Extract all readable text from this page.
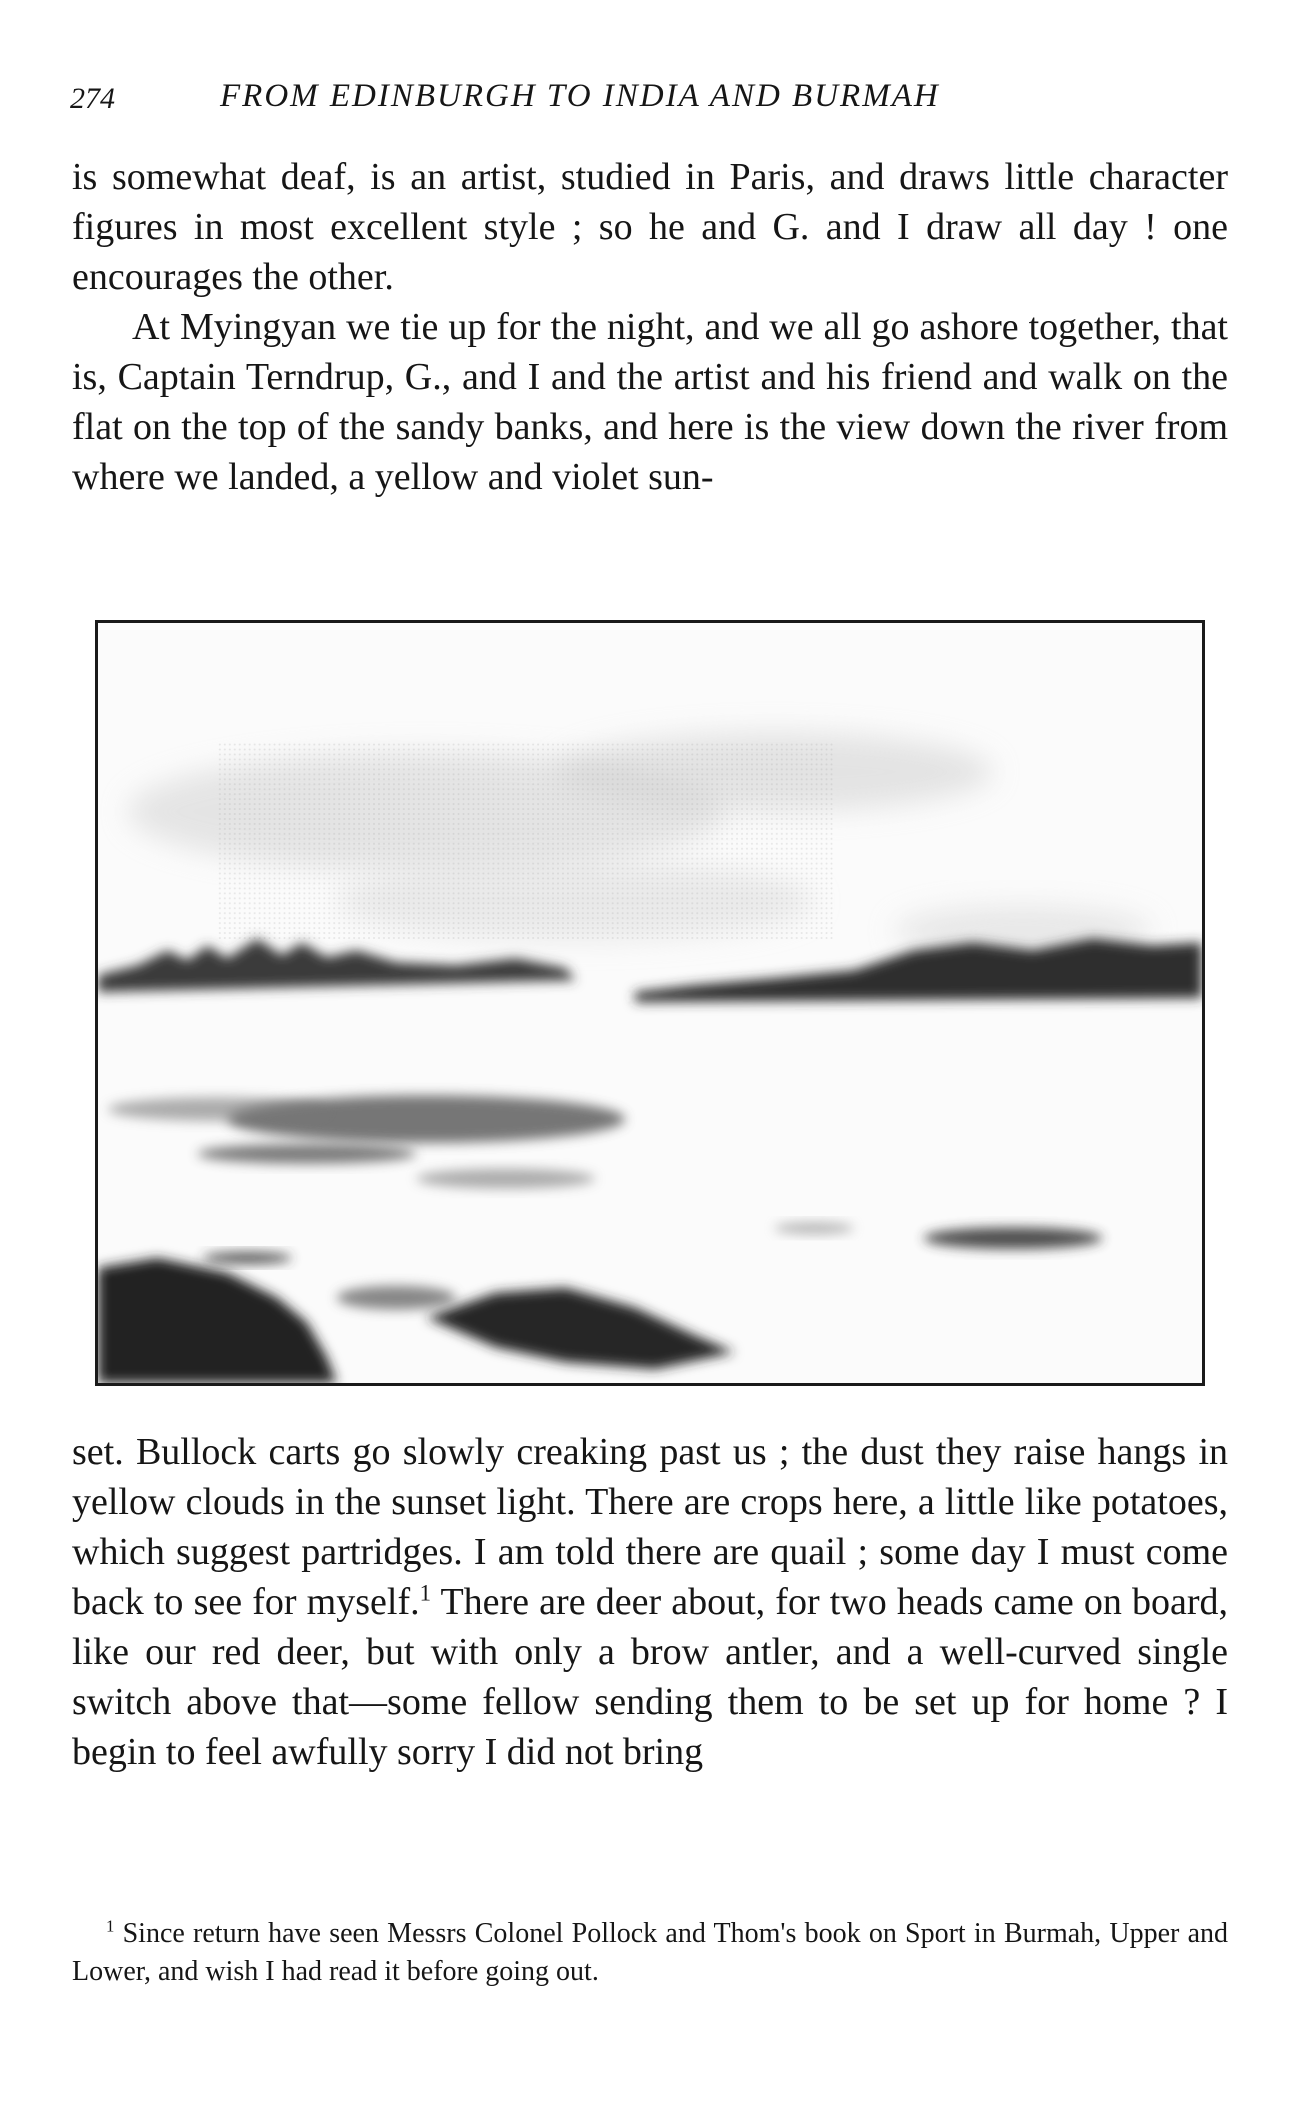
274	FROM EDINBURGH TO INDIA AND BURMAH

is somewhat deaf, is an artist, studied in Paris, and draws little character figures in most excellent style ; so he and G. and I draw all day ! one encourages the other.

At Myingyan we tie up for the night, and we all go ashore together, that is, Captain Terndrup, G., and I and the artist and his friend and walk on the flat on the top of the sandy banks, and here is the view down the river from where we landed, a yellow and violet sun-

set. Bullock carts go slowly creaking past us ; the dust they raise hangs in yellow clouds in the sunset light. There are crops here, a little like potatoes, which suggest partridges. I am told there are quail ; some day I must come back to see for myself.$^1$ There are deer about, for two heads came on board, like our red deer, but with only a brow antler, and a well-curved single switch above that—some fellow sending them to be set up for home ? I begin to feel awfully sorry I did not bring

$^1$ Since return have seen Messrs Colonel Pollock and Thom's book on Sport in Burmah, Upper and Lower, and wish I had read it before going out.
